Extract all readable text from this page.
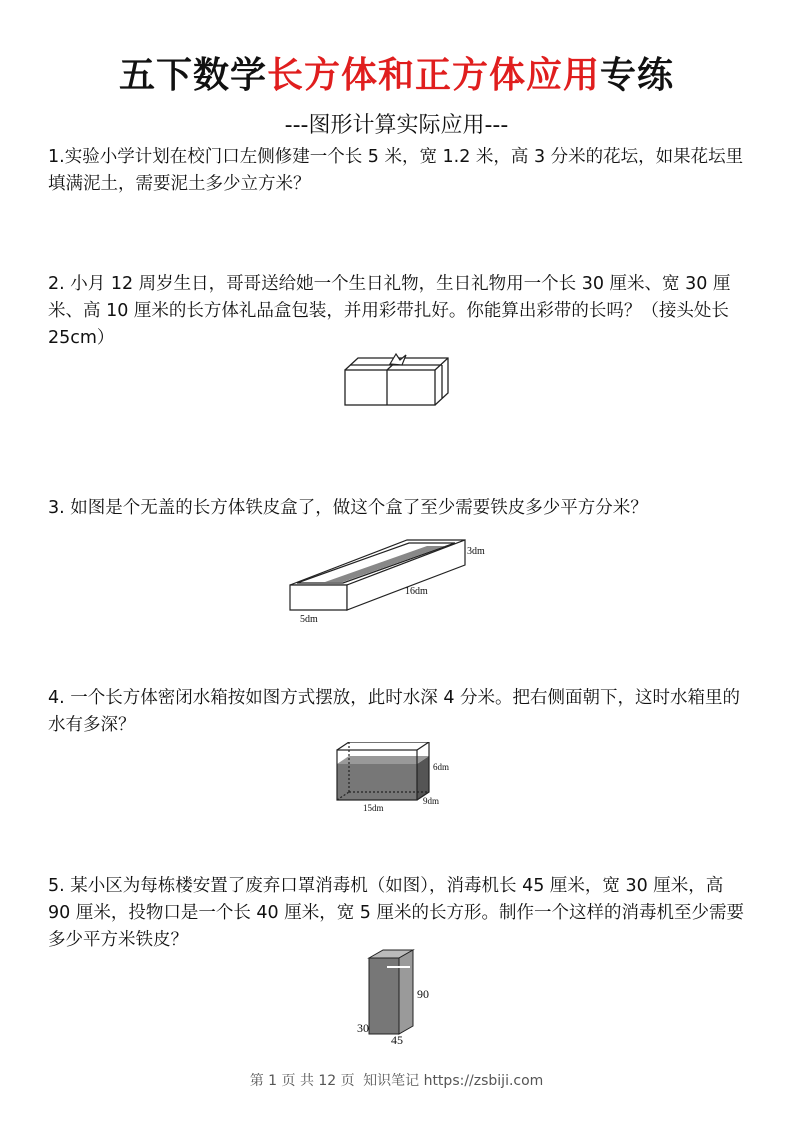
五下数学长方体和正方体应用专练
---图形计算实际应用---
1.实验小学计划在校门口左侧修建一个长 5 米，宽 1.2 米，高 3 分米的花坛，如果花坛里填满泥土，需要泥土多少立方米？
2. 小月 12 周岁生日，哥哥送给她一个生日礼物，生日礼物用一个长 30 厘米、宽 30 厘米、高 10 厘米的长方体礼品盒包装，并用彩带扎好。你能算出彩带的长吗？（接头处长 25cm）
3. 如图是个无盖的长方体铁皮盒了，做这个盒了至少需要铁皮多少平方分米？
3dm
16dm
5dm
4. 一个长方体密闭水箱按如图方式摆放，此时水深 4 分米。把右侧面朝下，这时水箱里的水有多深？
6dm
15dm
9dm
5. 某小区为每栋楼安置了废弃口罩消毒机（如图），消毒机长 45 厘米，宽 30 厘米，高 90 厘米，投物口是一个长 40 厘米，宽 5 厘米的长方形。制作一个这样的消毒机至少需要多少平方米铁皮？
90
30
45
第 1 页 共 12 页 知识笔记 https://zsbiji.com
